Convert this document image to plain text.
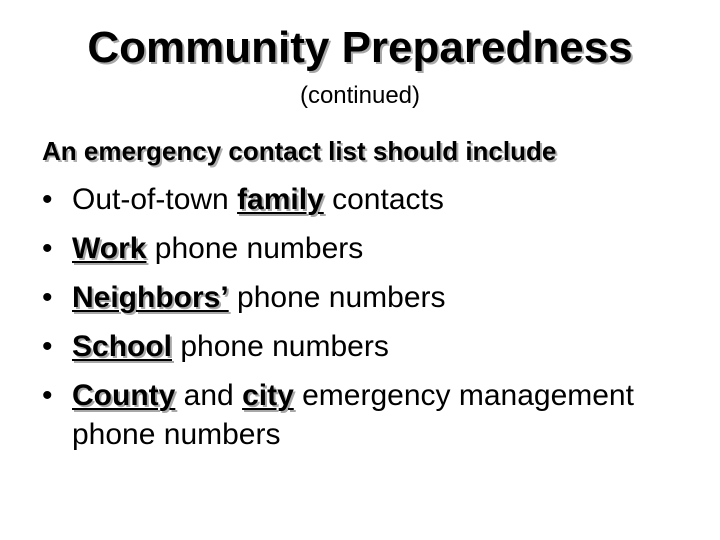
Community Preparedness
(continued)
An emergency contact list should include
• Out-of-town family contacts
• Work phone numbers
• Neighbors’ phone numbers
• School phone numbers
• County and city emergency management phone numbers
